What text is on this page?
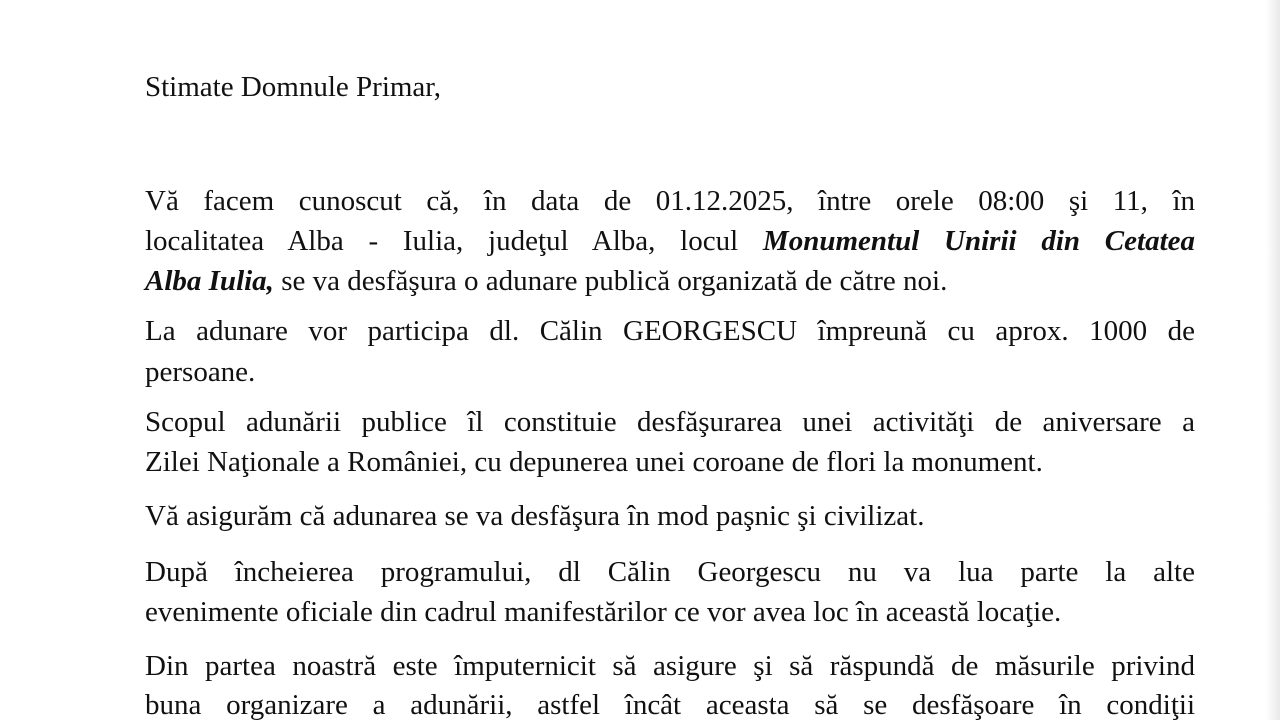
Stimate Domnule Primar,
Vă facem cunoscut că, în data de 01.12.2025, între orele 08:00 şi 11, în
localitatea Alba - Iulia, judeţul Alba, locul Monumentul Unirii din Cetatea
Alba Iulia, se va desfăşura o adunare publică organizată de către noi.
La adunare vor participa dl. Călin GEORGESCU împreună cu aprox. 1000 de
persoane.
Scopul adunării publice îl constituie desfăşurarea unei activităţi de aniversare a
Zilei Naţionale a României, cu depunerea unei coroane de flori la monument.
Vă asigurăm că adunarea se va desfăşura în mod paşnic şi civilizat.
După încheierea programului, dl Călin Georgescu nu va lua parte la alte
evenimente oficiale din cadrul manifestărilor ce vor avea loc în această locaţie.
Din partea noastră este împuternicit să asigure şi să răspundă de măsurile privind
buna organizare a adunării, astfel încât aceasta să se desfăşoare în condiţii
